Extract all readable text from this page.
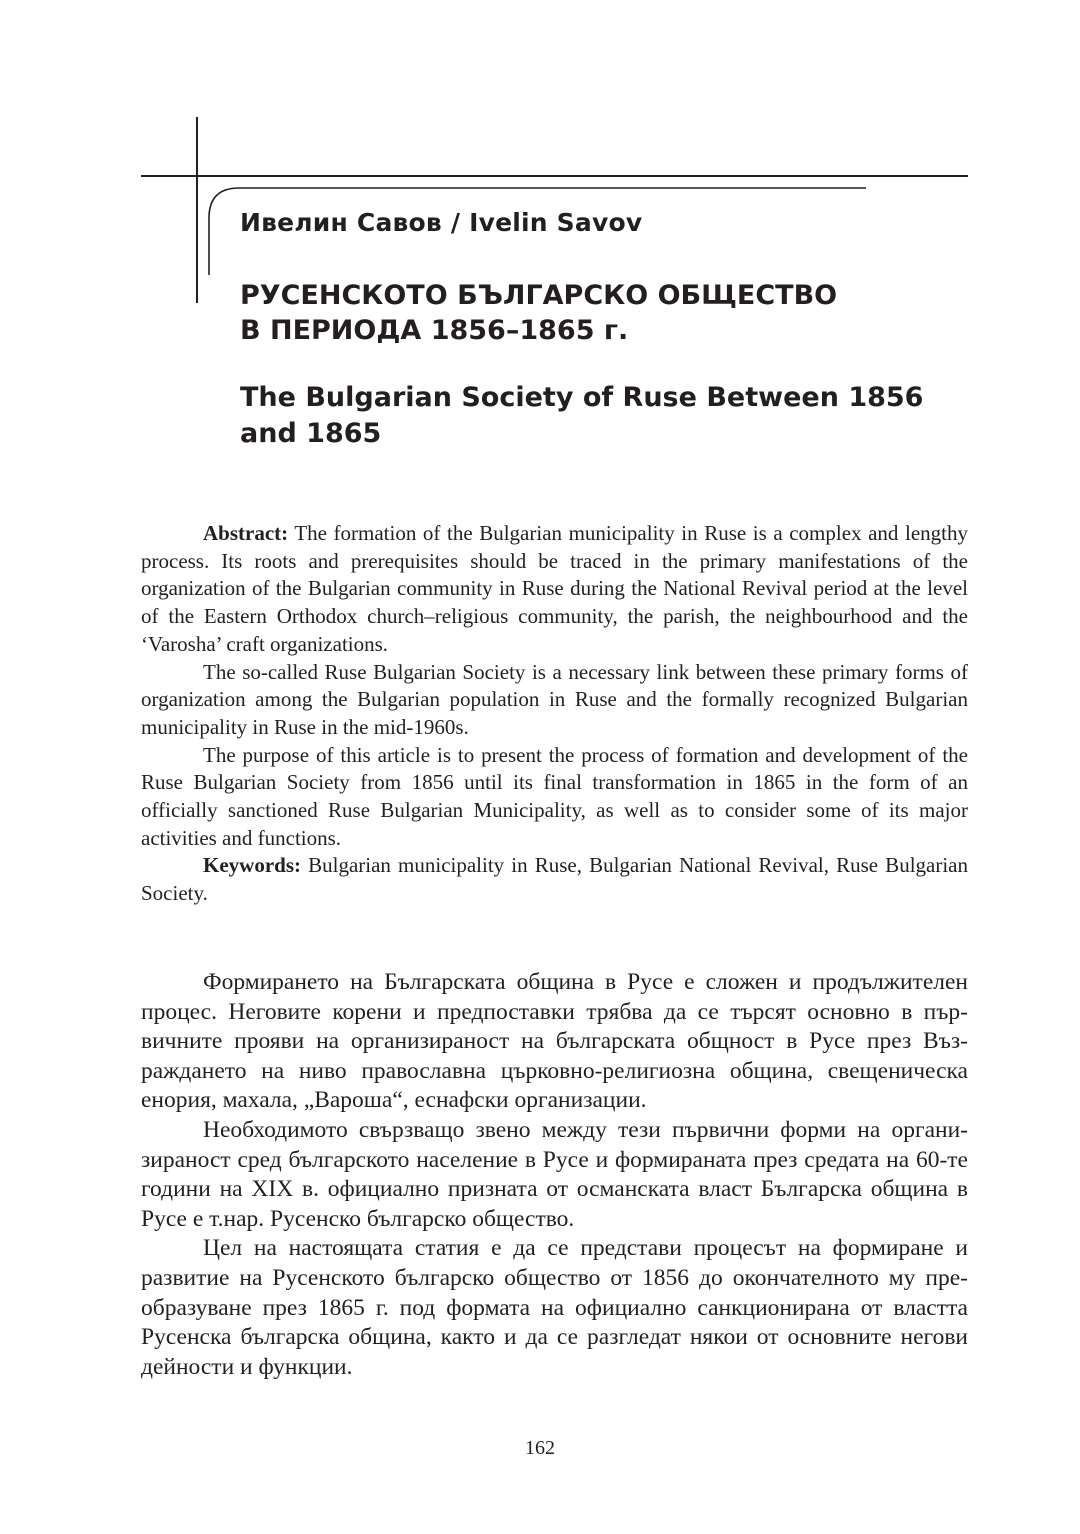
Ивелин Савов / Ivelin Savov
РУСЕНСКОТО БЪЛГАРСКО ОБЩЕСТВО
В ПЕРИОДА 1856–1865 г.
The Bulgarian Society of Ruse Between 1856
and 1865

Abstract: The formation of the Bulgarian municipality in Ruse is a complex and lengthy process. Its roots and prerequisites should be traced in the primary manifestations of the organization of the Bulgarian community in Ruse during the National Revival period at the level of the Eastern Orthodox church–religious community, the parish, the neighbourhood and the ‘Varosha’ craft organizations.

The so-called Ruse Bulgarian Society is a necessary link between these primary forms of organization among the Bulgarian population in Ruse and the formally recognized Bulgarian municipality in Ruse in the mid-1960s.

The purpose of this article is to present the process of formation and development of the Ruse Bulgarian Society from 1856 until its final transformation in 1865 in the form of an officially sanctioned Ruse Bulgarian Municipality, as well as to consider some of its major activities and functions.

Keywords: Bulgarian municipality in Ruse, Bulgarian National Revival, Ruse Bulgarian Society.

Формирането на Българската община в Русе е сложен и продължителен процес. Неговите корени и предпоставки трябва да се търсят основно в първичните прояви на организираност на българската общност в Русе през Възраждането на ниво православна църковно-религиозна община, свещеническа енория, махала, „Вароша“, еснафски организации.

Необходимото свързващо звено между тези първични форми на организираност сред българското население в Русе и формираната през средата на 60-те години на XIX в. официално призната от османската власт Българска община в Русе е т.нар. Русенско българско общество.

Цел на настоящата статия е да се представи процесът на формиране и развитие на Русенското българско общество от 1856 до окончателното му преобразуване през 1865 г. под формата на официално санкционирана от властта Русенска българска община, както и да се разгледат някои от основните негови дейности и функции.

162
